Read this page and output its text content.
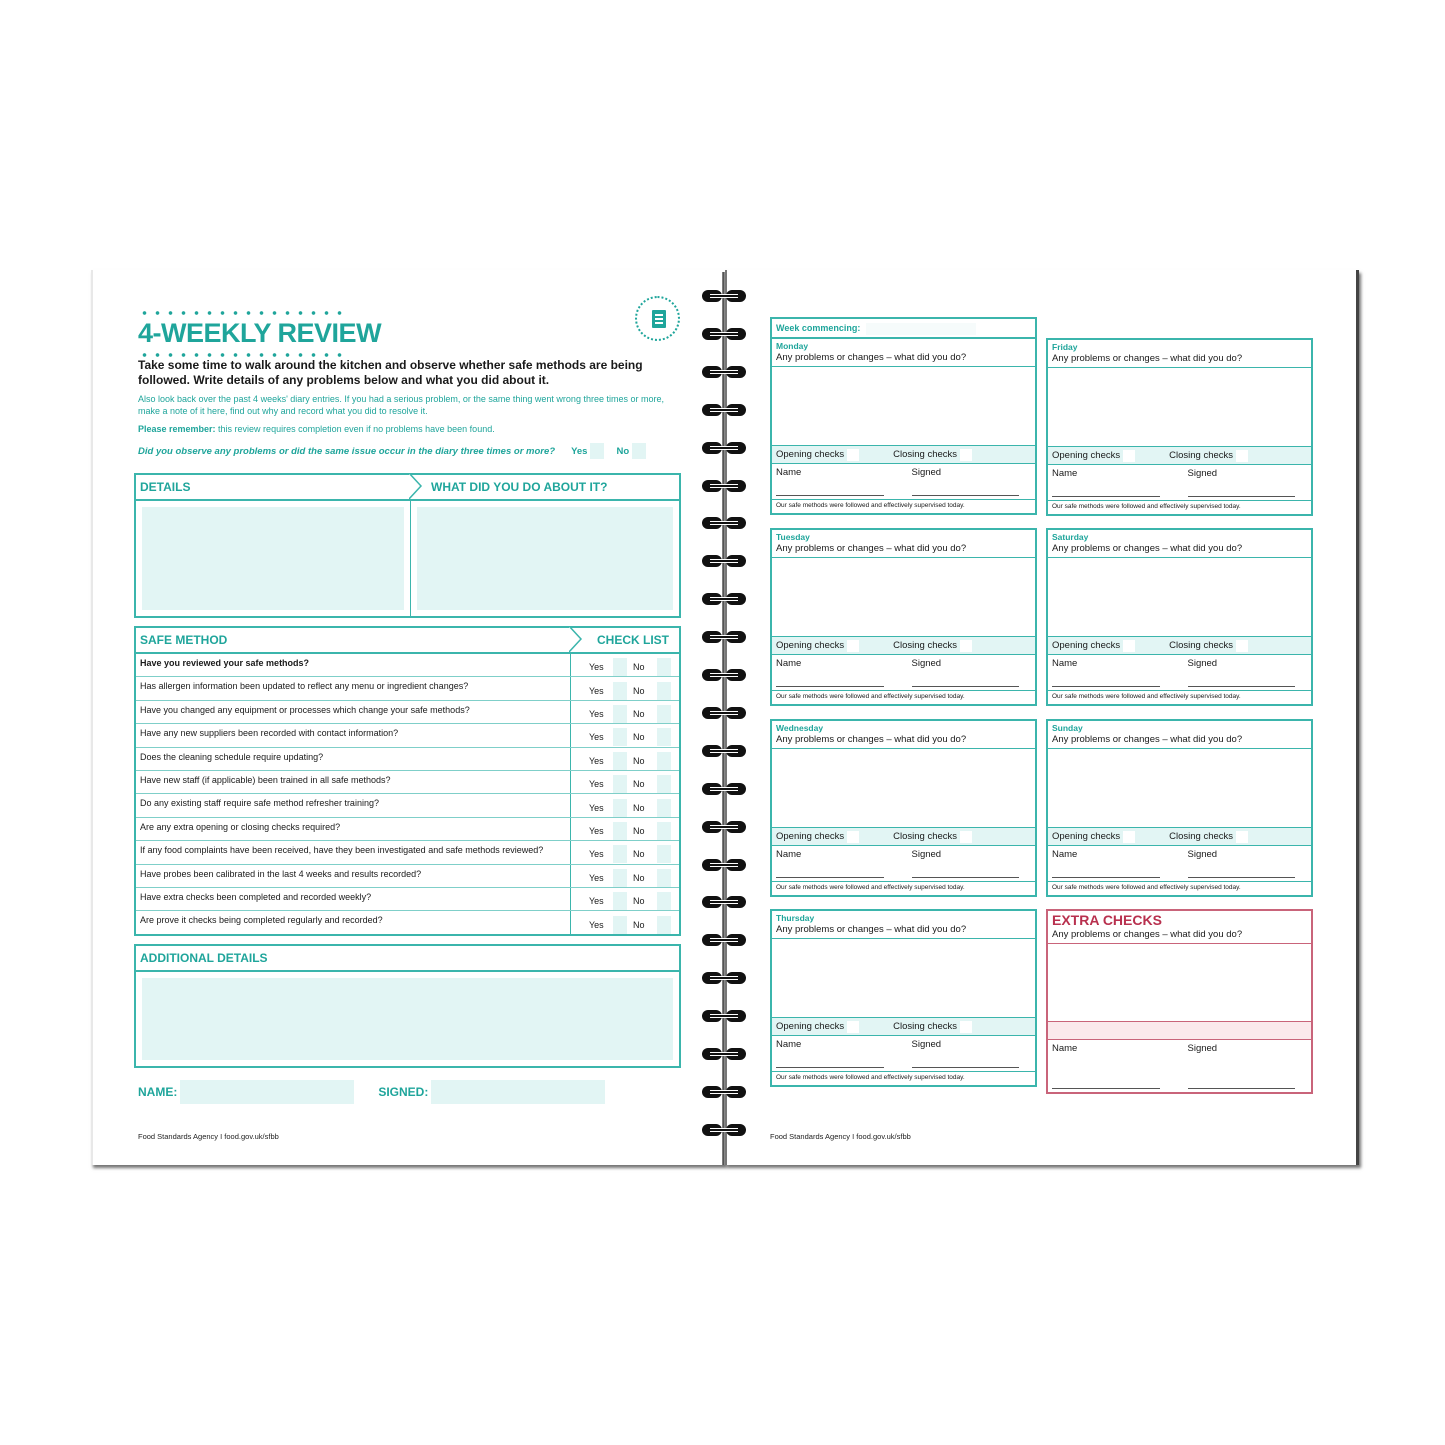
4-WEEKLY REVIEW
Take some time to walk around the kitchen and observe whether safe methods are being followed. Write details of any problems below and what you did about it.
Also look back over the past 4 weeks' diary entries. If you had a serious problem, or the same thing went wrong three times or more, make a note of it here, find out why and record what you did to resolve it.
Please remember: this review requires completion even if no problems have been found.
Did you observe any problems or did the same issue occur in the diary three times or more? Yes	No
DETAILS	WHAT DID YOU DO ABOUT IT?
SAFE METHOD	CHECK LIST
Have you reviewed your safe methods?	Yes	No
Has allergen information been updated to reflect any menu or ingredient changes?	Yes	No
Have you changed any equipment or processes which change your safe methods?	Yes	No
Have any new suppliers been recorded with contact information?	Yes	No
Does the cleaning schedule require updating?	Yes	No
Have new staff (if applicable) been trained in all safe methods?	Yes	No
Do any existing staff require safe method refresher training?	Yes	No
Are any extra opening or closing checks required?	Yes	No
If any food complaints have been received, have they been investigated and safe methods reviewed?	Yes	No
Have probes been calibrated in the last 4 weeks and results recorded?	Yes	No
Have extra checks been completed and recorded weekly?	Yes	No
Are prove it checks being completed regularly and recorded?	Yes	No
ADDITIONAL DETAILS
NAME:	SIGNED:
Food Standards Agency I food.gov.uk/sfbb	Food Standards Agency I food.gov.uk/sfbb
Week commencing:
Monday
Any problems or changes – what did you do?
Opening checks	Closing checks
Name	Signed
Our safe methods were followed and effectively supervised today.
Tuesday
Any problems or changes – what did you do?
Opening checks	Closing checks
Name	Signed
Our safe methods were followed and effectively supervised today.
Wednesday
Any problems or changes – what did you do?
Opening checks	Closing checks
Name	Signed
Our safe methods were followed and effectively supervised today.
Thursday
Any problems or changes – what did you do?
Opening checks	Closing checks
Name	Signed
Our safe methods were followed and effectively supervised today.
Friday
Any problems or changes – what did you do?
Opening checks	Closing checks
Name	Signed
Our safe methods were followed and effectively supervised today.
Saturday
Any problems or changes – what did you do?
Opening checks	Closing checks
Name	Signed
Our safe methods were followed and effectively supervised today.
Sunday
Any problems or changes – what did you do?
Opening checks	Closing checks
Name	Signed
Our safe methods were followed and effectively supervised today.
EXTRA CHECKS
Any problems or changes – what did you do?
Name	Signed
